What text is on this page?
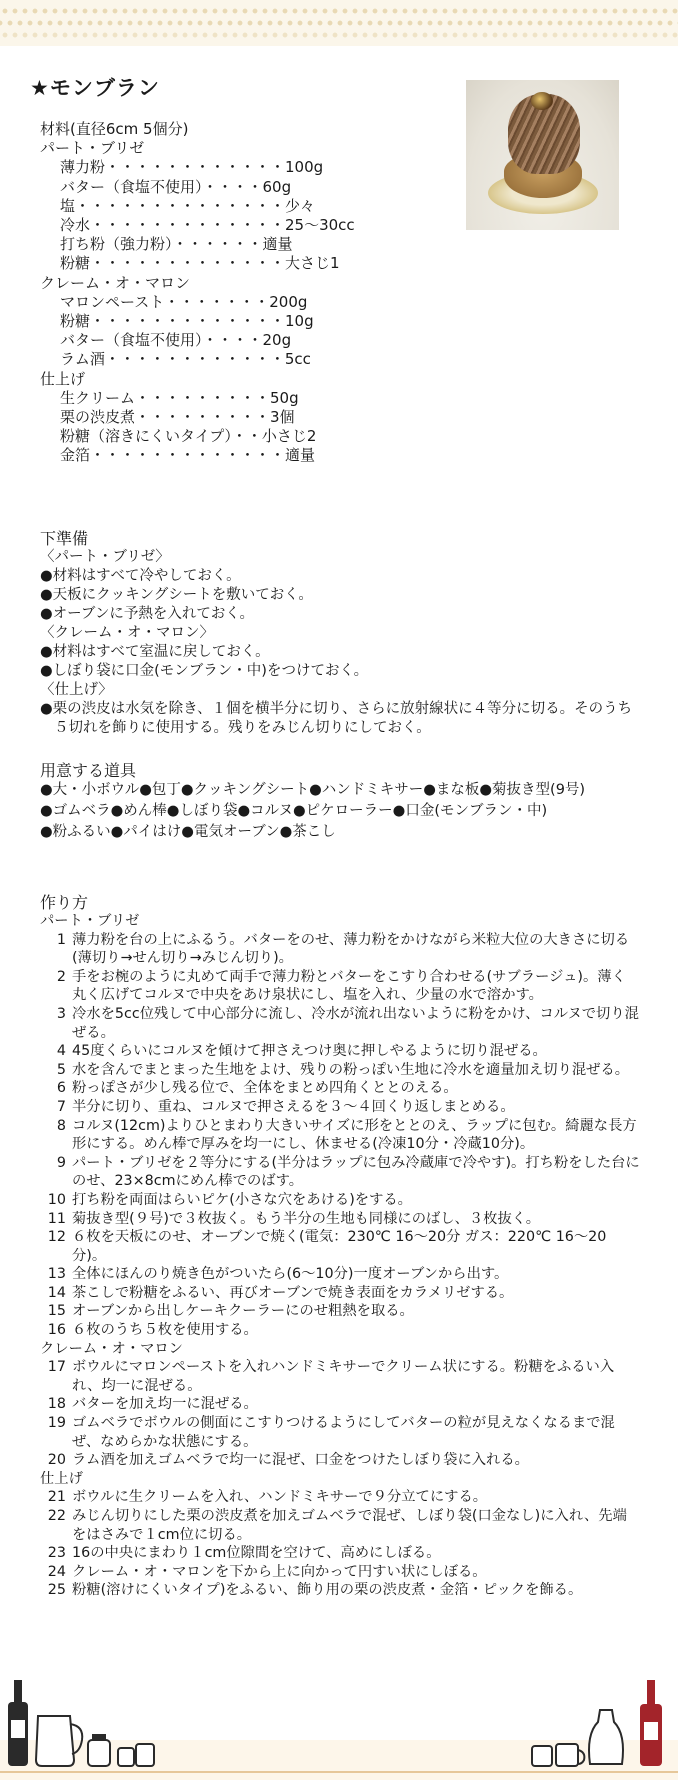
★モンブラン
材料(直径6cm 5個分)
パート・ブリゼ
薄力粉・・・・・・・・・・・・100g
バター（食塩不使用）・・・・60g
塩・・・・・・・・・・・・・・少々
冷水・・・・・・・・・・・・・25～30cc
打ち粉（強力粉）・・・・・・適量
粉糖・・・・・・・・・・・・・大さじ1
クレーム・オ・マロン
マロンペースト・・・・・・・200g
粉糖・・・・・・・・・・・・・10g
バター（食塩不使用）・・・・20g
ラム酒・・・・・・・・・・・・5cc
仕上げ
生クリーム・・・・・・・・・50g
栗の渋皮煮・・・・・・・・・3個
粉糖（溶きにくいタイプ）・・小さじ2
金箔・・・・・・・・・・・・・適量
下準備
〈パート・ブリゼ〉
●材料はすべて冷やしておく。
●天板にクッキングシートを敷いておく。
●オーブンに予熱を入れておく。
〈クレーム・オ・マロン〉
●材料はすべて室温に戻しておく。
●しぼり袋に口金(モンブラン・中)をつけておく。
〈仕上げ〉
●栗の渋皮は水気を除き、１個を横半分に切り、さらに放射線状に４等分に切る。そのうち５切れを飾りに使用する。残りをみじん切りにしておく。
用意する道具
●大・小ボウル●包丁●クッキングシート●ハンドミキサー●まな板●菊抜き型(9号)
●ゴムベラ●めん棒●しぼり袋●コルヌ●ピケローラー●口金(モンブラン・中)
●粉ふるい●パイはけ●電気オーブン●茶こし
作り方
パート・ブリゼ
1 薄力粉を台の上にふるう。バターをのせ、薄力粉をかけながら米粒大位の大きさに切る(薄切り→せん切り→みじん切り)。
2 手をお椀のように丸めて両手で薄力粉とバターをこすり合わせる(サブラージュ)。薄く丸く広げてコルヌで中央をあけ泉状にし、塩を入れ、少量の水で溶かす。
3 冷水を5cc位残して中心部分に流し、冷水が流れ出ないように粉をかけ、コルヌで切り混ぜる。
4 45度くらいにコルヌを傾けて押さえつけ奥に押しやるように切り混ぜる。
5 水を含んでまとまった生地をよけ、残りの粉っぽい生地に冷水を適量加え切り混ぜる。
6 粉っぽさが少し残る位で、全体をまとめ四角くととのえる。
7 半分に切り、重ね、コルヌで押さえるを３～４回くり返しまとめる。
8 コルヌ(12cm)よりひとまわり大きいサイズに形をととのえ、ラップに包む。綺麗な長方形にする。めん棒で厚みを均一にし、休ませる(冷凍10分・冷蔵10分)。
9 パート・ブリゼを２等分にする(半分はラップに包み冷蔵庫で冷やす)。打ち粉をした台にのせ、23×8cmにめん棒でのばす。
10 打ち粉を両面はらいピケ(小さな穴をあける)をする。
11 菊抜き型(９号)で３枚抜く。もう半分の生地も同様にのばし、３枚抜く。
12 ６枚を天板にのせ、オーブンで焼く(電気：230℃ 16～20分 ガス：220℃ 16～20分)。
13 全体にほんのり焼き色がついたら(6～10分)一度オーブンから出す。
14 茶こしで粉糖をふるい、再びオーブンで焼き表面をカラメリゼする。
15 オーブンから出しケーキクーラーにのせ粗熱を取る。
16 ６枚のうち５枚を使用する。
クレーム・オ・マロン
17 ボウルにマロンペーストを入れハンドミキサーでクリーム状にする。粉糖をふるい入れ、均一に混ぜる。
18 バターを加え均一に混ぜる。
19 ゴムベラでボウルの側面にこすりつけるようにしてバターの粒が見えなくなるまで混ぜ、なめらかな状態にする。
20 ラム酒を加えゴムベラで均一に混ぜ、口金をつけたしぼり袋に入れる。
仕上げ
21 ボウルに生クリームを入れ、ハンドミキサーで９分立てにする。
22 みじん切りにした栗の渋皮煮を加えゴムベラで混ぜ、しぼり袋(口金なし)に入れ、先端をはさみで１cm位に切る。
23 16の中央にまわり１cm位隙間を空けて、高めにしぼる。
24 クレーム・オ・マロンを下から上に向かって円すい状にしぼる。
25 粉糖(溶けにくいタイプ)をふるい、飾り用の栗の渋皮煮・金箔・ピックを飾る。
